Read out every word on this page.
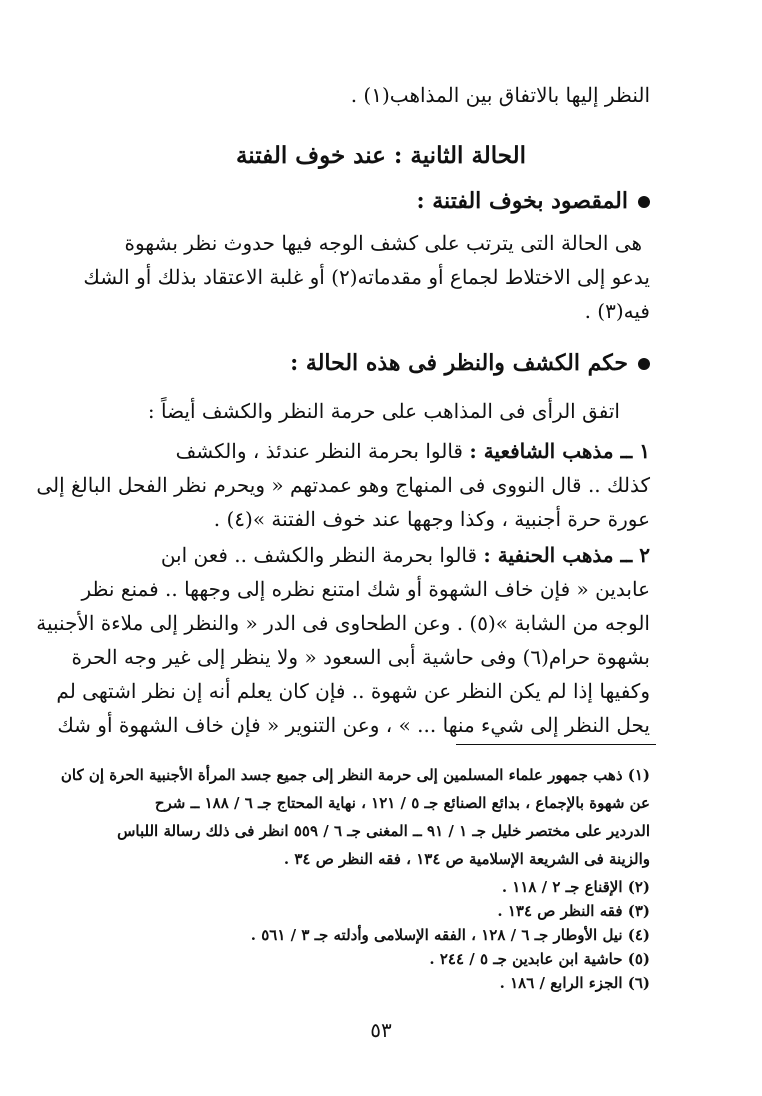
النظر إليها بالاتفاق بين المذاهب(١) .
الحالة الثانية : عند خوف الفتنة
المقصود بخوف الفتنة :
هى الحالة التى يترتب على كشف الوجه فيها حدوث نظر بشهوة
يدعو إلى الاختلاط لجماع أو مقدماته(٢) أو غلبة الاعتقاد بذلك أو الشك
فيه(٣) .
حكم الكشف والنظر فى هذه الحالة :
اتفق الرأى فى المذاهب على حرمة النظر والكشف أيضاً :
١ ــ مذهب الشافعية : قالوا بحرمة النظر عندئذ ، والكشف
كذلك .. قال النووى فى المنهاج وهو عمدتهم « ويحرم نظر الفحل البالغ إلى
عورة حرة أجنبية ، وكذا وجهها عند خوف الفتنة »(٤) .
٢ ــ مذهب الحنفية : قالوا بحرمة النظر والكشف .. فعن ابن
عابدين « فإن خاف الشهوة أو شك امتنع نظره إلى وجهها .. فمنع نظر
الوجه من الشابة »(٥) . وعن الطحاوى فى الدر « والنظر إلى ملاءة الأجنبية
بشهوة حرام(٦) وفى حاشية أبى السعود « ولا ينظر إلى غير وجه الحرة
وكفيها إذا لم يكن النظر عن شهوة .. فإن كان يعلم أنه إن نظر اشتهى لم
يحل النظر إلى شيء منها ... » ، وعن التنوير « فإن خاف الشهوة أو شك
(١) ذهب جمهور علماء المسلمين إلى حرمة النظر إلى جميع جسد المرأة الأجنبية الحرة إن كان
عن شهوة بالإجماع ، بدائع الصنائع جـ ٥ / ١٢١ ، نهاية المحتاج جـ ٦ / ١٨٨ ــ شرح
الدردير على مختصر خليل جـ ١ / ٩١ ــ المغنى جـ ٦ / ٥٥٩ انظر فى ذلك رسالة اللباس
والزينة فى الشريعة الإسلامية ص ١٣٤ ، فقه النظر ص ٣٤ .
(٢) الإقناع جـ ٢ / ١١٨ .
(٣) فقه النظر ص ١٣٤ .
(٤) نيل الأوطار جـ ٦ / ١٢٨ ، الفقه الإسلامى وأدلته جـ ٣ / ٥٦١ .
(٥) حاشية ابن عابدين جـ ٥ / ٢٤٤ .
(٦) الجزء الرابع / ١٨٦ .
٥٣
